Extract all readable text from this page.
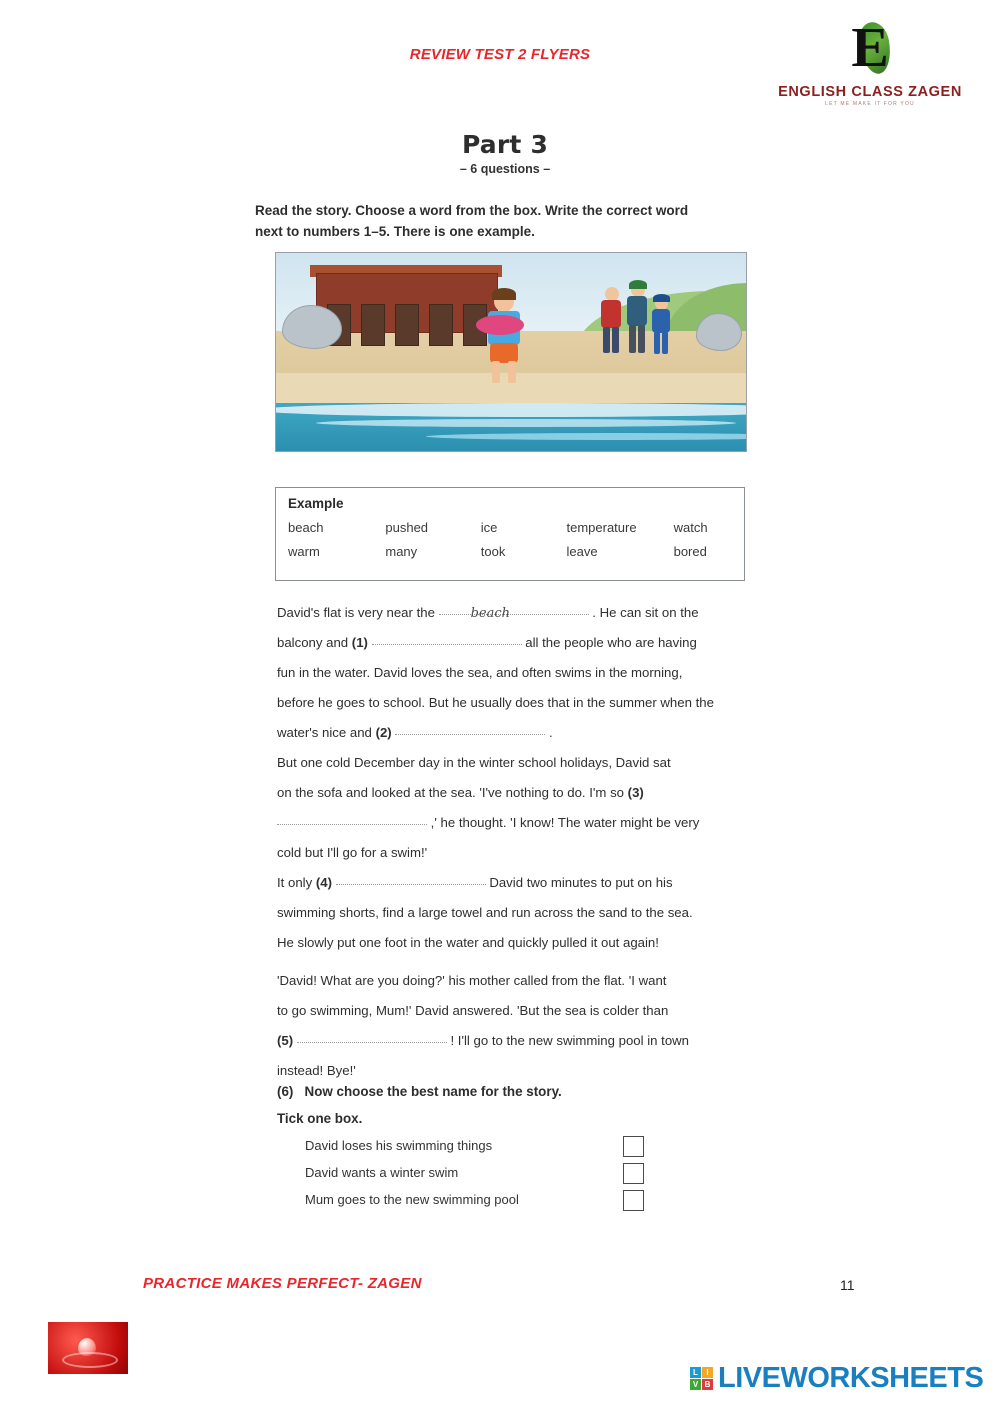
REVIEW TEST 2 FLYERS	E
ENGLISH CLASS ZAGEN
LET ME MAKE IT FOR YOU
Part 3
– 6 questions –
Read the story. Choose a word from the box. Write the correct word next to numbers 1–5. There is one example.
Example
beach	pushed	ice	temperature	watch
warm	many	took	leave	bored

David's flat is very near the	beach	. He can sit on the

balcony and (1)	all the people who are having

fun in the water. David loves the sea, and often swims in the morning,

before he goes to school. But he usually does that in the summer when the

water's nice and (2)	.

But one cold December day in the winter school holidays, David sat

on the sofa and looked at the sea. 'I've nothing to do. I'm so (3)

,' he thought. 'I know! The water might be very

cold but I'll go for a swim!'

It only (4)	David two minutes to put on his

swimming shorts, find a large towel and run across the sand to the sea.

He slowly put one foot in the water and quickly pulled it out again!

'David! What are you doing?' his mother called from the flat. 'I want

to go swimming, Mum!' David answered. 'But the sea is colder than

(5)	! I'll go to the new swimming pool in town

instead! Bye!'

(6) Now choose the best name for the story.
Tick one box.
David loses his swimming things
David wants a winter swim
Mum goes to the new swimming pool
PRACTICE MAKES PERFECT- ZAGEN	11
L	I
V B LIVEWORKSHEETS
